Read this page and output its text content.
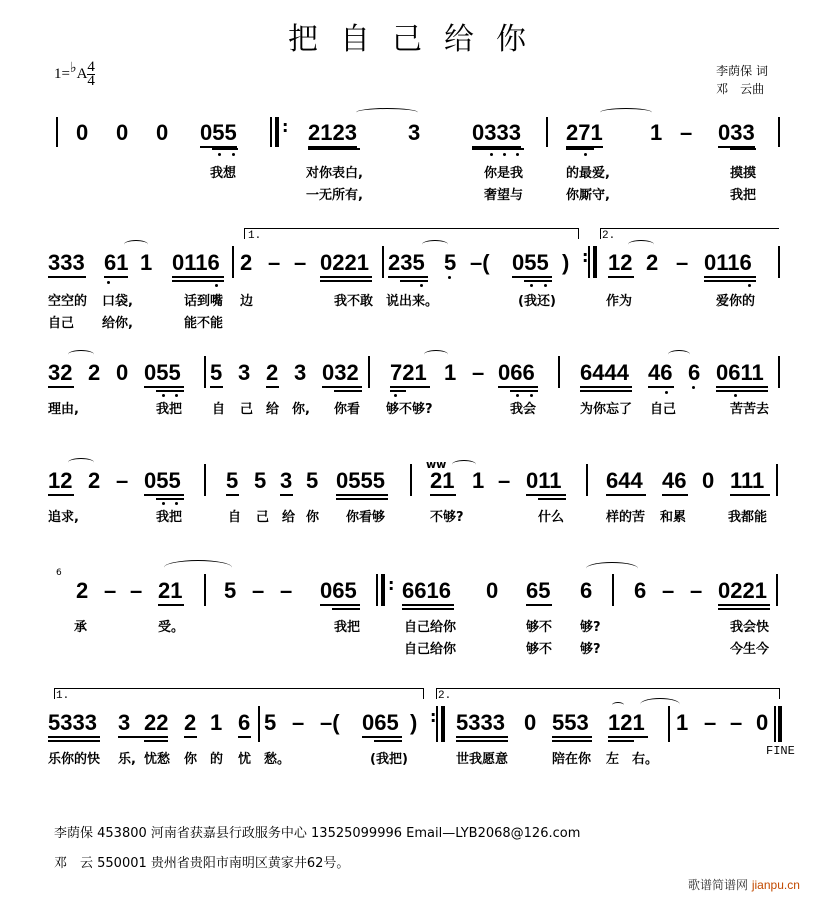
把自己给你
1=♭A $\frac{4}{4}$	李荫保 词
邓　云曲
0 0 0 055	: 2123 3 0333 271 1 – 033
我想	对你表白,	你是我	的最爱,	摸摸
一无所有,	奢望与	你厮守,	我把
1.	2.
333 61 1 0116 2 – – 0221 235 5 –( 055 ) : 12 2 – 0116
空空的 口袋,	话到嘴 边	我不敢 说出来。	(我还)	作为	爱你的
自己 给你,	能不能
32 2 0 055 5 3 2 3 032 721 1 – 066 6444 46 6 0611
理由,	我把 自 己 给 你, 你看 够不够?	我会	为你忘了 自己	苦苦去
12 2 – 055 5 5 3 5 0555
ww
21 1 – 011 644 46 0 111
追求,	我把	自 己 给 你 你看够	不够?	什么	样的苦 和累	我都能
6
2 – – 21 5 – – 065 : 6616 0 65 6 6 – – 0221
承	受。	我把	自己给你	够不 够?	我会快
自己给你	够不 够?	今生今
1.	2.
5333 3 22 2 1 6 5 – –( 065 ) : 5333 0 553 121 1 – – 0
FINE
乐你的快 乐, 忧愁 你 的 忧 愁。	(我把)	世我愿意	陪在你 左 右。
李荫保 453800 河南省获嘉县行政服务中心 13525099996 Email—LYB2068@126.com
邓　云 550001 贵州省贵阳市南明区黄家井62号。
歌谱简谱网 jianpu.cn
